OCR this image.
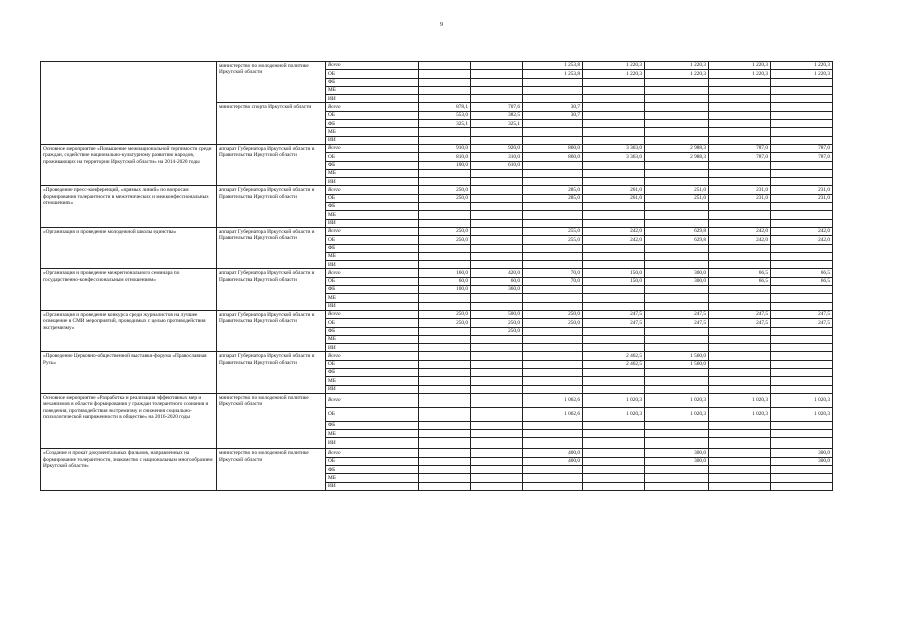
9
	министерство по молодежной политике Иркутской области	Всего			1 253,8	1 220,3	1 220,3	1 220,3	1 220,3
		ОБ			1 253,8	1 220,3	1 220,3	1 220,3	1 220,3
		ФБ							
		МБ							
		ИИ							
	министерство спорта Иркутской области	Всего	878,1	707,6	30,7				
		ОБ	553,0	382,5	30,7				
		ФБ	325,1	325,1					
		МБ							
		ИИ							
Основное мероприятие «Повышение межнациональной терпимости среди граждан, содействие национально-культурному развитию народов, проживающих на территории Иркутской области» на 2014-2020 годы	аппарат Губернатора Иркутской области и Правительства Иркутской области	Всего	910,0	920,0	860,0	3 363,0	2 988,3	787,0	787,0
		ОБ	810,0	310,0	860,0	3 363,0	2 988,3	787,0	787,0
		ФБ	100,0	610,0					
		МБ							
		ИИ							
«Проведение пресс-конференций, «прямых линий» по вопросам формирования толерантности в межэтнических и межконфессиональных отношениях»	аппарат Губернатора Иркутской области и Правительства Иркутской области	Всего	250,0		285,0	261,0	251,0	231,0	231,0
		ОБ	250,0		285,0	261,0	251,0	231,0	231,0
		ФБ							
		МБ							
		ИИ							
«Организация и проведение молодежной школы единства»	аппарат Губернатора Иркутской области и Правительства Иркутской области	Всего	250,0		255,0	242,0	629,8	242,0	242,0
		ОБ	250,0		255,0	242,0	629,8	242,0	242,0
		ФБ							
		МБ							
		ИИ							
«Организация и проведение межрегионального семинара по государственно-конфессиональным отношениям»	аппарат Губернатора Иркутской области и Правительства Иркутской области	Всего	160,0	420,0	70,0	150,0	300,0	66,5	66,5
		ОБ	60,0	60,0	70,0	150,0	300,0	66,5	66,5
		ФБ	100,0	360,0					
		МБ							
		ИИ							
«Организация и проведение конкурса среди журналистов на лучшее освещение в СМИ мероприятий, проводимых с целью противодействия экстремизму»	аппарат Губернатора Иркутской области и Правительства Иркутской области	Всего	250,0	500,0	250,0	247,5	247,5	247,5	247,5
		ОБ	250,0	250,0	250,0	247,5	247,5	247,5	247,5
		ФБ		250,0					
		МБ							
		ИИ							
«Проведение Церковно-общественной выставки-форума «Православная Русь»	аппарат Губернатора Иркутской области и Правительства Иркутской области	Всего				2 462,5	1 560,0		
		ОБ				2 462,5	1 560,0		
		ФБ							
		МБ							
		ИИ							
Основное мероприятие «Разработка и реализация эффективных мер и механизмов в области формирования у граждан толерантного сознания и поведения, противодействия экстремизму и снижения социально-психологической напряженности в обществе» на 2016-2020 годы	министерство по молодежной политике Иркутской области	Всего			1 062,6	1 020,3	1 020,3	1 020,3	1 020,3
		ОБ			1 062,6	1 020,3	1 020,3	1 020,3	1 020,3
		ФБ							
		МБ							
		ИИ							
«Создание и прокат документальных фильмов, направленных на формирование толерантности, знакомство с национальным многообразием Иркутской области»	министерство по молодежной политике Иркутской области	Всего			400,0		300,0		300,0
		ОБ			400,0		300,0		300,0
		ФБ							
		МБ							
		ИИ							
